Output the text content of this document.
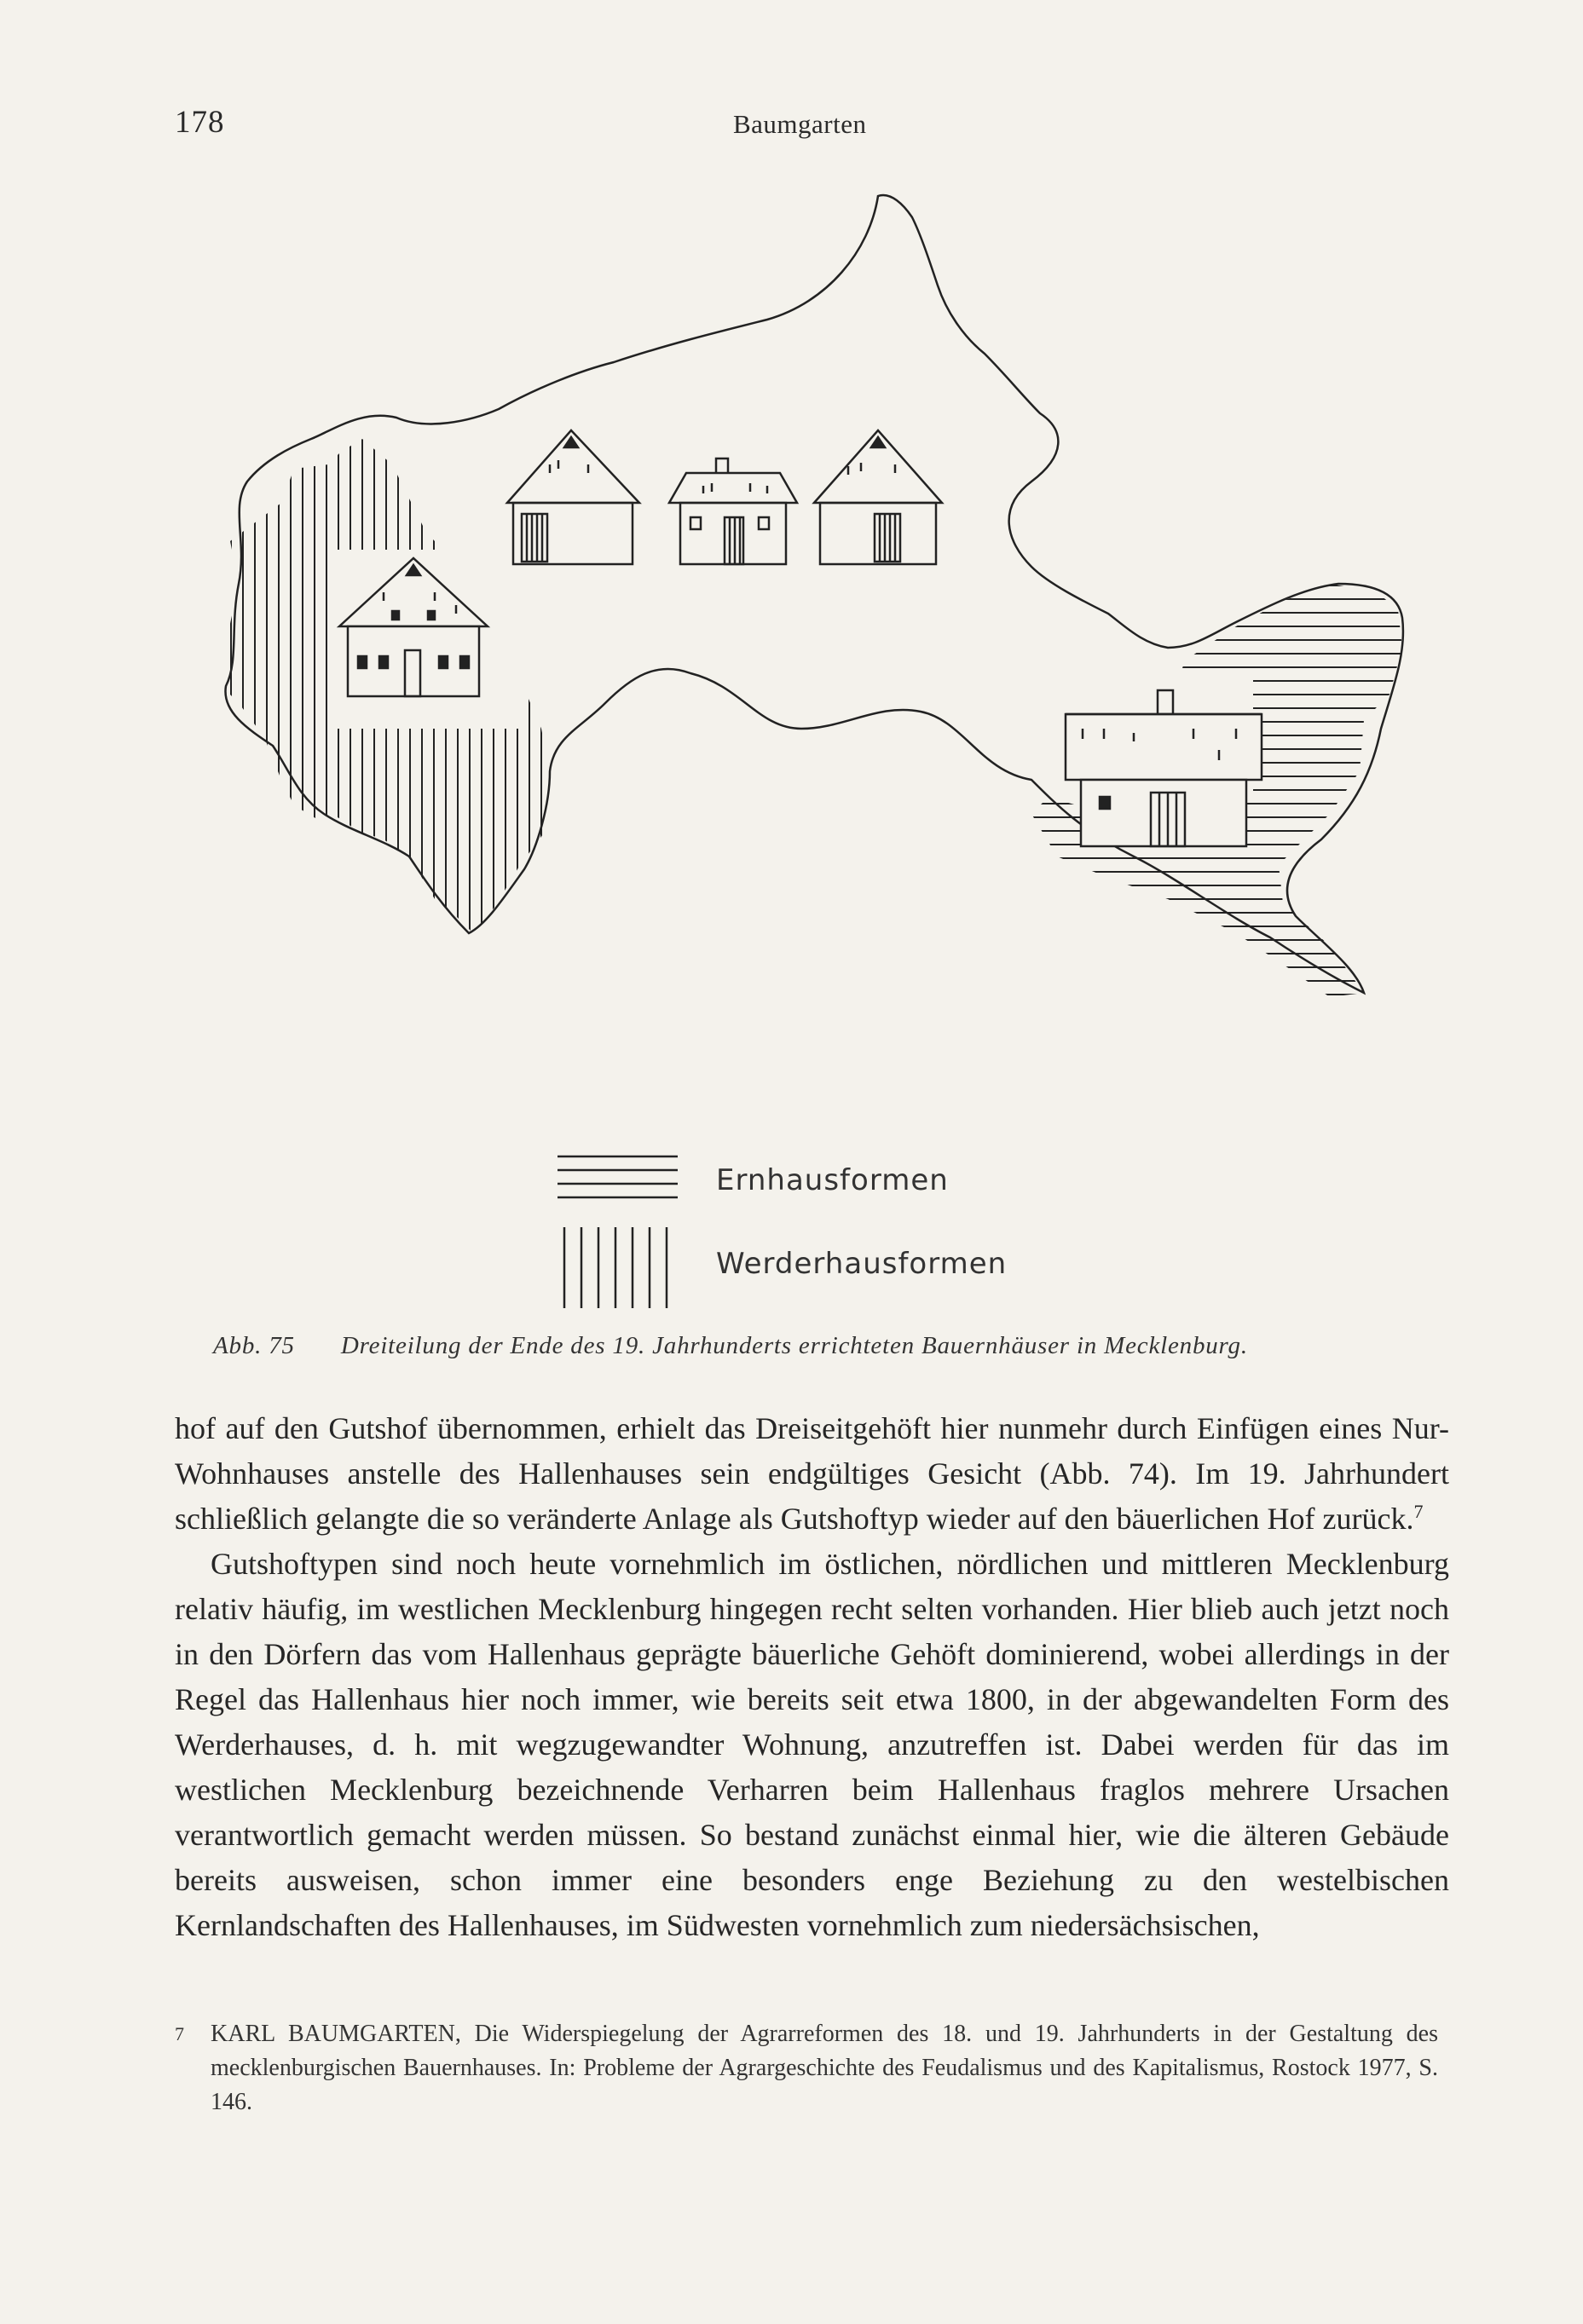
178	Baumgarten
Ernhausformen
Werderhausformen
Abb. 75 Dreiteilung der Ende des 19. Jahrhunderts errichteten Bauernhäuser in Mecklenburg.

hof auf den Gutshof übernommen, erhielt das Dreiseitgehöft hier nunmehr durch Einfügen eines Nur-Wohnhauses anstelle des Hallenhauses sein endgültiges Gesicht (Abb. 74). Im 19. Jahrhundert schließlich gelangte die so veränderte Anlage als Gutshoftyp wieder auf den bäuerlichen Hof zurück.$^7$

Gutshoftypen sind noch heute vornehmlich im östlichen, nördlichen und mittleren Mecklenburg relativ häufig, im westlichen Mecklenburg hingegen recht selten vorhanden. Hier blieb auch jetzt noch in den Dörfern das vom Hallenhaus geprägte bäuerliche Gehöft dominierend, wobei allerdings in der Regel das Hallenhaus hier noch immer, wie bereits seit etwa 1800, in der abgewandelten Form des Werderhauses, d. h. mit wegzugewandter Wohnung, anzutreffen ist. Dabei werden für das im westlichen Mecklenburg bezeichnende Verharren beim Hallenhaus fraglos mehrere Ursachen verantwortlich gemacht werden müssen. So bestand zunächst einmal hier, wie die älteren Gebäude bereits ausweisen, schon immer eine besonders enge Beziehung zu den westelbischen Kernlandschaften des Hallenhauses, im Südwesten vornehmlich zum niedersächsischen,

7 KARL BAUMGARTEN, Die Widerspiegelung der Agrarreformen des 18. und 19. Jahrhunderts in der Gestaltung des mecklenburgischen Bauernhauses. In: Probleme der Agrargeschichte des Feudalismus und des Kapitalismus, Rostock 1977, S. 146.
